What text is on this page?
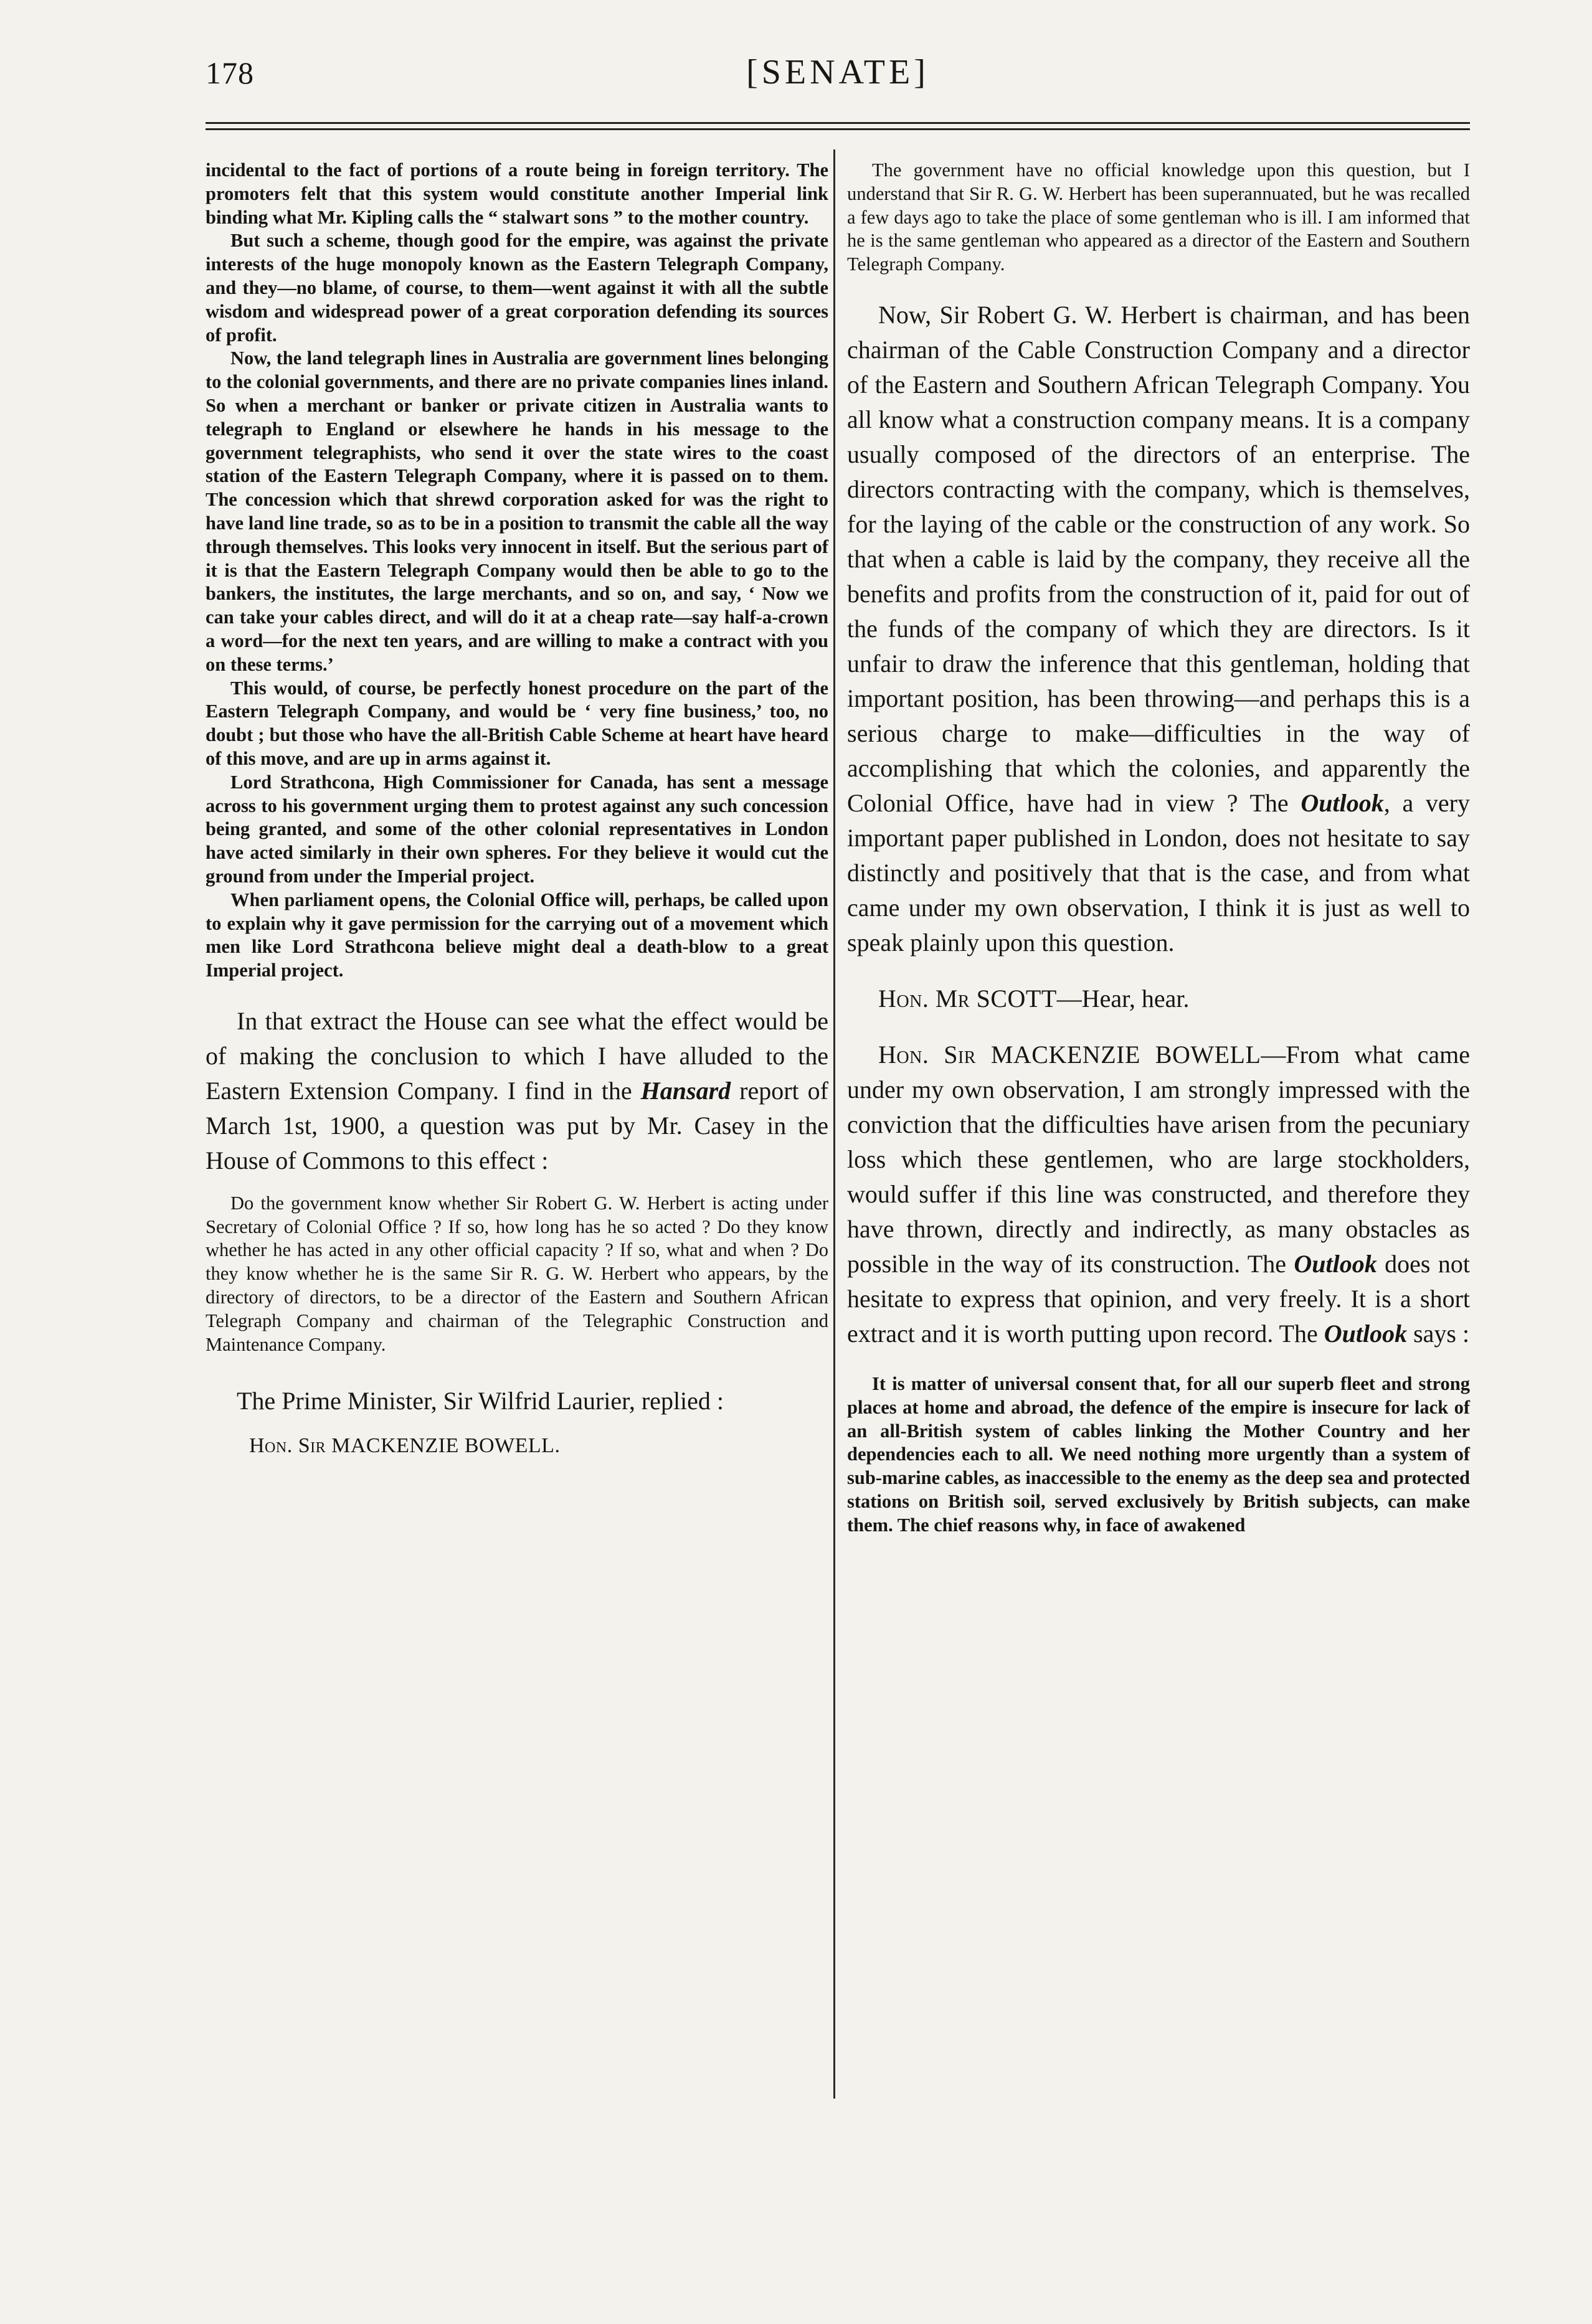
178	[SENATE]

incidental to the fact of portions of a route being in foreign territory. The promoters felt that this system would constitute another Imperial link binding what Mr. Kipling calls the “ stalwart sons ” to the mother country.

But such a scheme, though good for the empire, was against the private interests of the huge monopoly known as the Eastern Telegraph Company, and they—no blame, of course, to them—went against it with all the subtle wisdom and widespread power of a great corporation defending its sources of profit.

Now, the land telegraph lines in Australia are government lines belonging to the colonial governments, and there are no private companies lines inland. So when a merchant or banker or private citizen in Australia wants to telegraph to England or elsewhere he hands in his message to the government telegraphists, who send it over the state wires to the coast station of the Eastern Telegraph Company, where it is passed on to them. The concession which that shrewd corporation asked for was the right to have land line trade, so as to be in a position to transmit the cable all the way through themselves. This looks very innocent in itself. But the serious part of it is that the Eastern Telegraph Company would then be able to go to the bankers, the institutes, the large merchants, and so on, and say, ‘ Now we can take your cables direct, and will do it at a cheap rate—say half-a-crown a word—for the next ten years, and are willing to make a contract with you on these terms.’

This would, of course, be perfectly honest procedure on the part of the Eastern Telegraph Company, and would be ‘ very fine business,’ too, no doubt ; but those who have the all-British Cable Scheme at heart have heard of this move, and are up in arms against it.

Lord Strathcona, High Commissioner for Canada, has sent a message across to his government urging them to protest against any such concession being granted, and some of the other colonial representatives in London have acted similarly in their own spheres. For they believe it would cut the ground from under the Imperial project.

When parliament opens, the Colonial Office will, perhaps, be called upon to explain why it gave permission for the carrying out of a movement which men like Lord Strathcona believe might deal a death-blow to a great Imperial project.

In that extract the House can see what the effect would be of making the conclusion to which I have alluded to the Eastern Extension Company. I find in the Hansard report of March 1st, 1900, a question was put by Mr. Casey in the House of Commons to this effect :

Do the government know whether Sir Robert G. W. Herbert is acting under Secretary of Colonial Office ? If so, how long has he so acted ? Do they know whether he has acted in any other official capacity ? If so, what and when ? Do they know whether he is the same Sir R. G. W. Herbert who appears, by the directory of directors, to be a director of the Eastern and Southern African Telegraph Company and chairman of the Telegraphic Construction and Maintenance Company.

The Prime Minister, Sir Wilfrid Laurier, replied :

Hon. Sir MACKENZIE BOWELL.

The government have no official knowledge upon this question, but I understand that Sir R. G. W. Herbert has been superannuated, but he was recalled a few days ago to take the place of some gentleman who is ill. I am informed that he is the same gentleman who appeared as a director of the Eastern and Southern Telegraph Company.

Now, Sir Robert G. W. Herbert is chairman, and has been chairman of the Cable Construction Company and a director of the Eastern and Southern African Telegraph Company. You all know what a construction company means. It is a company usually composed of the directors of an enterprise. The directors contracting with the company, which is themselves, for the laying of the cable or the construction of any work. So that when a cable is laid by the company, they receive all the benefits and profits from the construction of it, paid for out of the funds of the company of which they are directors. Is it unfair to draw the inference that this gentleman, holding that important position, has been throwing—and perhaps this is a serious charge to make—difficulties in the way of accomplishing that which the colonies, and apparently the Colonial Office, have had in view ? The Outlook, a very important paper published in London, does not hesitate to say distinctly and positively that that is the case, and from what came under my own observation, I think it is just as well to speak plainly upon this question.

Hon. Mr SCOTT—Hear, hear.

Hon. Sir MACKENZIE BOWELL—From what came under my own observation, I am strongly impressed with the conviction that the difficulties have arisen from the pecuniary loss which these gentlemen, who are large stockholders, would suffer if this line was constructed, and therefore they have thrown, directly and indirectly, as many obstacles as possible in the way of its construction. The Outlook does not hesitate to express that opinion, and very freely. It is a short extract and it is worth putting upon record. The Outlook says :

It is matter of universal consent that, for all our superb fleet and strong places at home and abroad, the defence of the empire is insecure for lack of an all-British system of cables linking the Mother Country and her dependencies each to all. We need nothing more urgently than a system of sub-marine cables, as inaccessible to the enemy as the deep sea and protected stations on British soil, served exclusively by British subjects, can make them. The chief reasons why, in face of awakened
